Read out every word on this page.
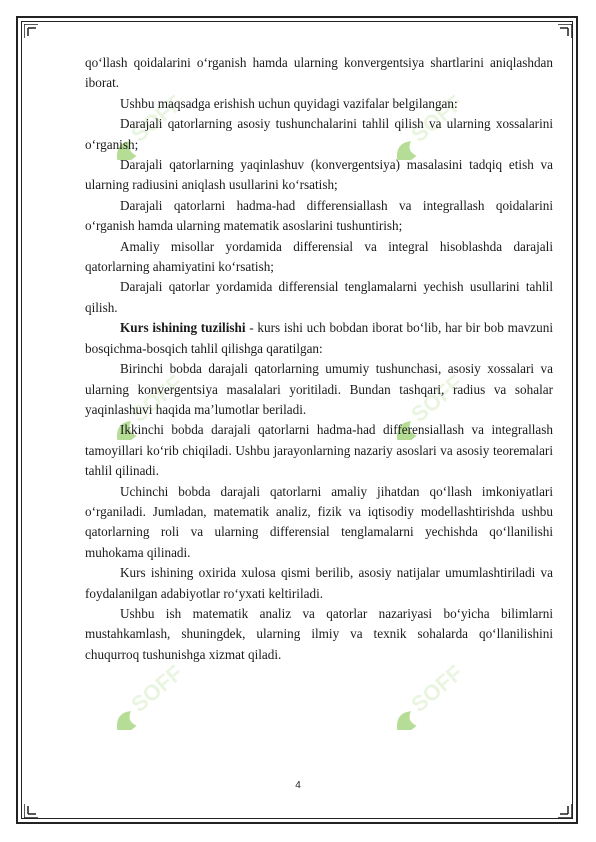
SOFF	SOFF
SOFF	SOFF
SOFF	SOFF

qo‘llash qoidalarini o‘rganish hamda ularning konvergentsiya shartlarini aniqlashdan iborat.

Ushbu maqsadga erishish uchun quyidagi vazifalar belgilangan:

Darajali qatorlarning asosiy tushunchalarini tahlil qilish va ularning xossalarini o‘rganish;

Darajali qatorlarning yaqinlashuv (konvergentsiya) masalasini tadqiq etish va ularning radiusini aniqlash usullarini ko‘rsatish;

Darajali qatorlarni hadma-had differensiallash va integrallash qoidalarini o‘rganish hamda ularning matematik asoslarini tushuntirish;

Amaliy misollar yordamida differensial va integral hisoblashda darajali qatorlarning ahamiyatini ko‘rsatish;

Darajali qatorlar yordamida differensial tenglamalarni yechish usullarini tahlil qilish.

Kurs ishining tuzilishi - kurs ishi uch bobdan iborat bo‘lib, har bir bob mavzuni bosqichma-bosqich tahlil qilishga qaratilgan:

Birinchi bobda darajali qatorlarning umumiy tushunchasi, asosiy xossalari va ularning konvergentsiya masalalari yoritiladi. Bundan tashqari, radius va sohalar yaqinlashuvi haqida ma’lumotlar beriladi.

Ikkinchi bobda darajali qatorlarni hadma-had differensiallash va integrallash tamoyillari ko‘rib chiqiladi. Ushbu jarayonlarning nazariy asoslari va asosiy teoremalari tahlil qilinadi.

Uchinchi bobda darajali qatorlarni amaliy jihatdan qo‘llash imkoniyatlari o‘rganiladi. Jumladan, matematik analiz, fizik va iqtisodiy modellashtirishda ushbu qatorlarning roli va ularning differensial tenglamalarni yechishda qo‘llanilishi muhokama qilinadi.

Kurs ishining oxirida xulosa qismi berilib, asosiy natijalar umumlashtiriladi va foydalanilgan adabiyotlar ro‘yxati keltiriladi.

Ushbu ish matematik analiz va qatorlar nazariyasi bo‘yicha bilimlarni mustahkamlash, shuningdek, ularning ilmiy va texnik sohalarda qo‘llanilishini chuqurroq tushunishga xizmat qiladi.

4
